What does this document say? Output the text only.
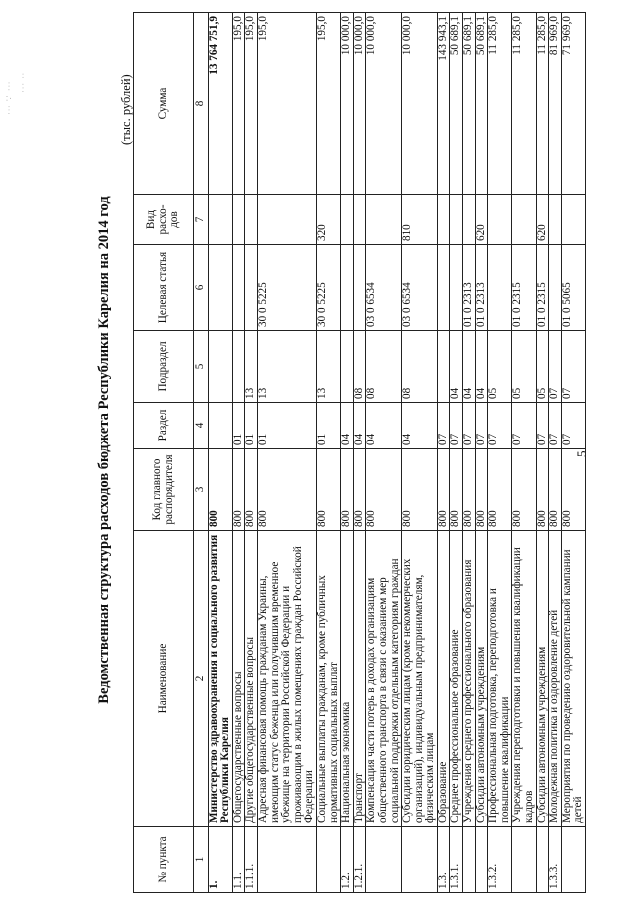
5
·∙∙ ∵ ·∙∙ ·∙· ∙∙
Ведомственная структура расходов бюджета Республики Карелия на 2014 год
(тыс. рублей)
№ пункта	Наименование	Код главного распорядителя	Раздел	Подраздел	Целевая статья	Вид расхо-дов	Сумма
1	2	3	4	5	6	7	8
1.	Министерство здравоохранения и социального развития Республики Карелия	800					13 764 751,9
1.1.	Общегосударственные вопросы	800	01				195,0
1.1.1.	Другие общегосударственные вопросы	800	01	13			195,0
	Адресная финансовая помощь гражданам Украины, имеющим статус беженца или получившим временное убежище на территории Российской Федерации и проживающим в жилых помещениях граждан Российской Федерации	800	01	13	30 0 5225		195,0
	Социальные выплаты гражданам, кроме публичных нормативных социальных выплат	800	01	13	30 0 5225	320	195,0
1.2.	Национальная экономика	800	04				10 000,0
1.2.1.	Транспорт	800	04	08			10 000,0
	Компенсация части потерь в доходах организациям общественного транспорта в связи с оказанием мер социальной поддержки отдельным категориям граждан	800	04	08	03 0 6534		10 000,0
	Субсидии юридическим лицам (кроме некоммерческих организаций), индивидуальным предпринимателям, физическим лицам	800	04	08	03 0 6534	810	10 000,0
1.3.	Образование	800	07				143 943,1
1.3.1.	Среднее профессиональное образование	800	07	04			50 689,1
	Учреждения среднего профессионального образования	800	07	04	01 0 2313		50 689,1
	Субсидии автономным учреждениям	800	07	04	01 0 2313	620	50 689,1
1.3.2.	Профессиональная подготовка, переподготовка и повышение квалификации	800	07	05			11 285,0
	Учреждения переподготовки и повышения квалификации кадров	800	07	05	01 0 2315		11 285,0
	Субсидии автономным учреждениям	800	07	05	01 0 2315	620	11 285,0
1.3.3.	Молодежная политика и оздоровление детей	800	07	07			81 969,0
	Мероприятия по проведению оздоровительной кампании детей	800	07	07	01 0 5065		71 969,0
